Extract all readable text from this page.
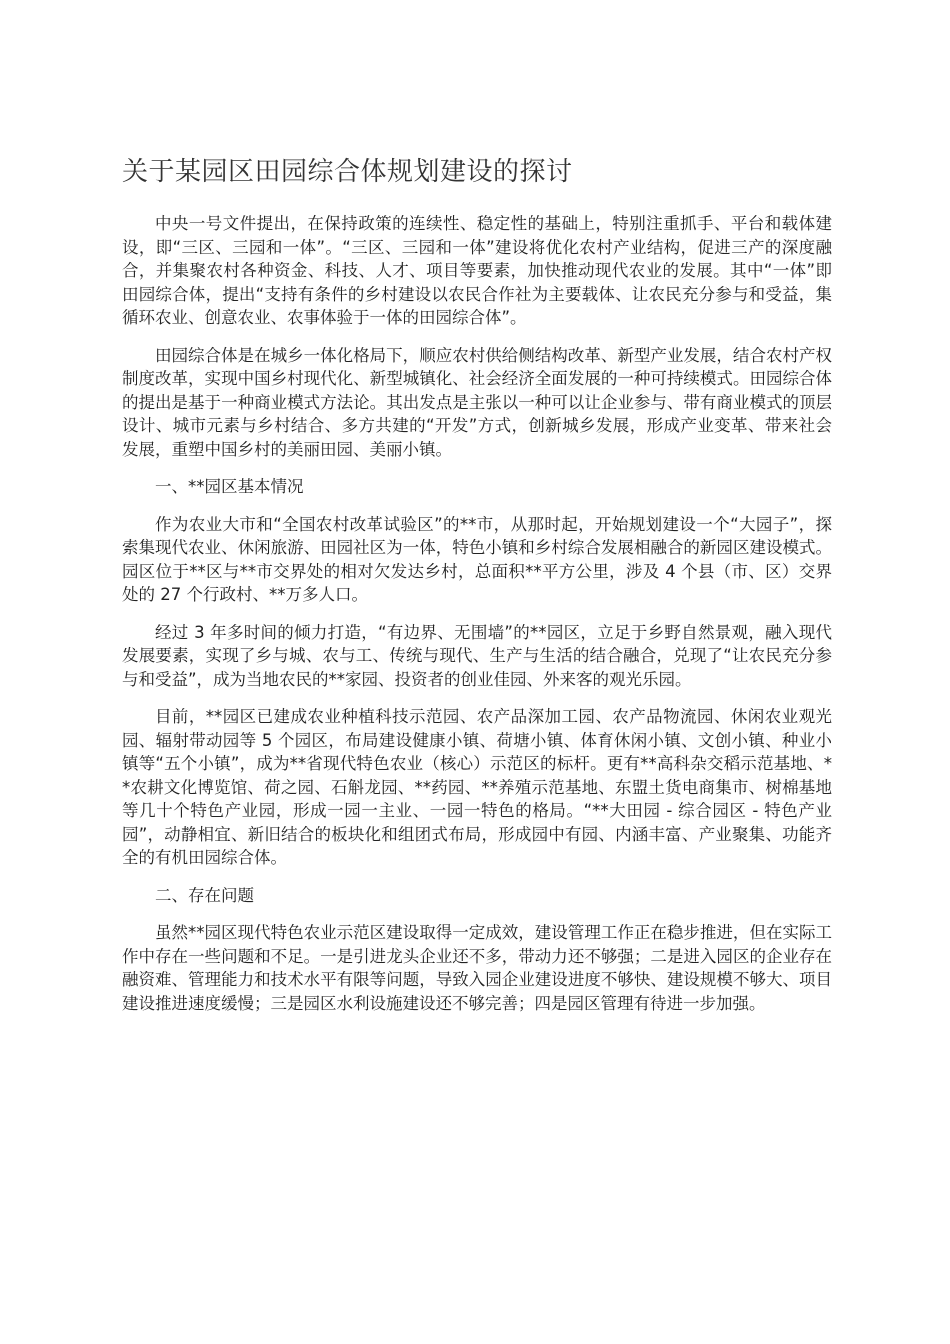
关于某园区田园综合体规划建设的探讨

中央一号文件提出，在保持政策的连续性、稳定性的基础上，特别注重抓手、平台和载体建设，即“三区、三园和一体”。“三区、三园和一体”建设将优化农村产业结构，促进三产的深度融合，并集聚农村各种资金、科技、人才、项目等要素，加快推动现代农业的发展。其中“一体”即田园综合体，提出“支持有条件的乡村建设以农民合作社为主要载体、让农民充分参与和受益，集循环农业、创意农业、农事体验于一体的田园综合体”。

田园综合体是在城乡一体化格局下，顺应农村供给侧结构改革、新型产业发展，结合农村产权制度改革，实现中国乡村现代化、新型城镇化、社会经济全面发展的一种可持续模式。田园综合体的提出是基于一种商业模式方法论。其出发点是主张以一种可以让企业参与、带有商业模式的顶层设计、城市元素与乡村结合、多方共建的“开发”方式，创新城乡发展，形成产业变革、带来社会发展，重塑中国乡村的美丽田园、美丽小镇。

一、**园区基本情况

作为农业大市和“全国农村改革试验区”的**市，从那时起，开始规划建设一个“大园子”，探索集现代农业、休闲旅游、田园社区为一体，特色小镇和乡村综合发展相融合的新园区建设模式。园区位于**区与**市交界处的相对欠发达乡村，总面积**平方公里，涉及 4 个县（市、区）交界处的 27 个行政村、**万多人口。

经过 3 年多时间的倾力打造，“有边界、无围墙”的**园区，立足于乡野自然景观，融入现代发展要素，实现了乡与城、农与工、传统与现代、生产与生活的结合融合，兑现了“让农民充分参与和受益”，成为当地农民的**家园、投资者的创业佳园、外来客的观光乐园。

目前，**园区已建成农业种植科技示范园、农产品深加工园、农产品物流园、休闲农业观光园、辐射带动园等 5 个园区，布局建设健康小镇、荷塘小镇、体育休闲小镇、文创小镇、种业小镇等“五个小镇”，成为**省现代特色农业（核心）示范区的标杆。更有**高科杂交稻示范基地、**农耕文化博览馆、荷之园、石斛龙园、**药园、**养殖示范基地、东盟土货电商集市、树棉基地等几十个特色产业园，形成一园一主业、一园一特色的格局。“**大田园 - 综合园区 - 特色产业园”，动静相宜、新旧结合的板块化和组团式布局，形成园中有园、内涵丰富、产业聚集、功能齐全的有机田园综合体。

二、存在问题

虽然**园区现代特色农业示范区建设取得一定成效，建设管理工作正在稳步推进，但在实际工作中存在一些问题和不足。一是引进龙头企业还不多，带动力还不够强；二是进入园区的企业存在融资难、管理能力和技术水平有限等问题，导致入园企业建设进度不够快、建设规模不够大、项目建设推进速度缓慢；三是园区水利设施建设还不够完善；四是园区管理有待进一步加强。
